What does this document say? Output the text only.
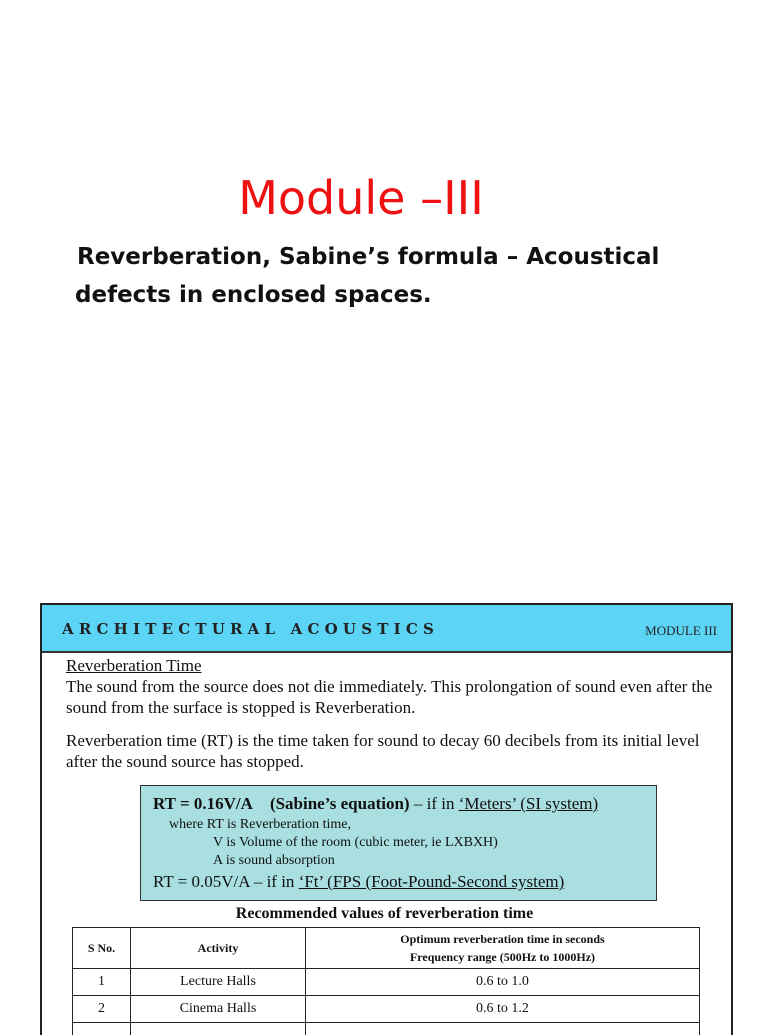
Module –III
Reverberation, Sabine’s formula – Acoustical
defects in enclosed spaces.
ARCHITECTURAL ACOUSTICS	MODULE III

Reverberation Time

The sound from the source does not die immediately. This prolongation of sound even after the sound from the surface is stopped is Reverberation.

Reverberation time (RT) is the time taken for sound to decay 60 decibels from its initial level after the sound source has stopped.

RT = 0.16V/A (Sabine’s equation) – if in ‘Meters’ (SI system)
where RT is Reverberation time,
V is Volume of the room (cubic meter, ie LXBXH)
A is sound absorption
RT = 0.05V/A – if in ‘Ft’ (FPS (Foot-Pound-Second system)
Recommended values of reverberation time
S No.	Activity	Optimum reverberation time in seconds
Frequency range (500Hz to 1000Hz)
1	Lecture Halls	0.6 to 1.0
2	Cinema Halls	0.6 to 1.2
